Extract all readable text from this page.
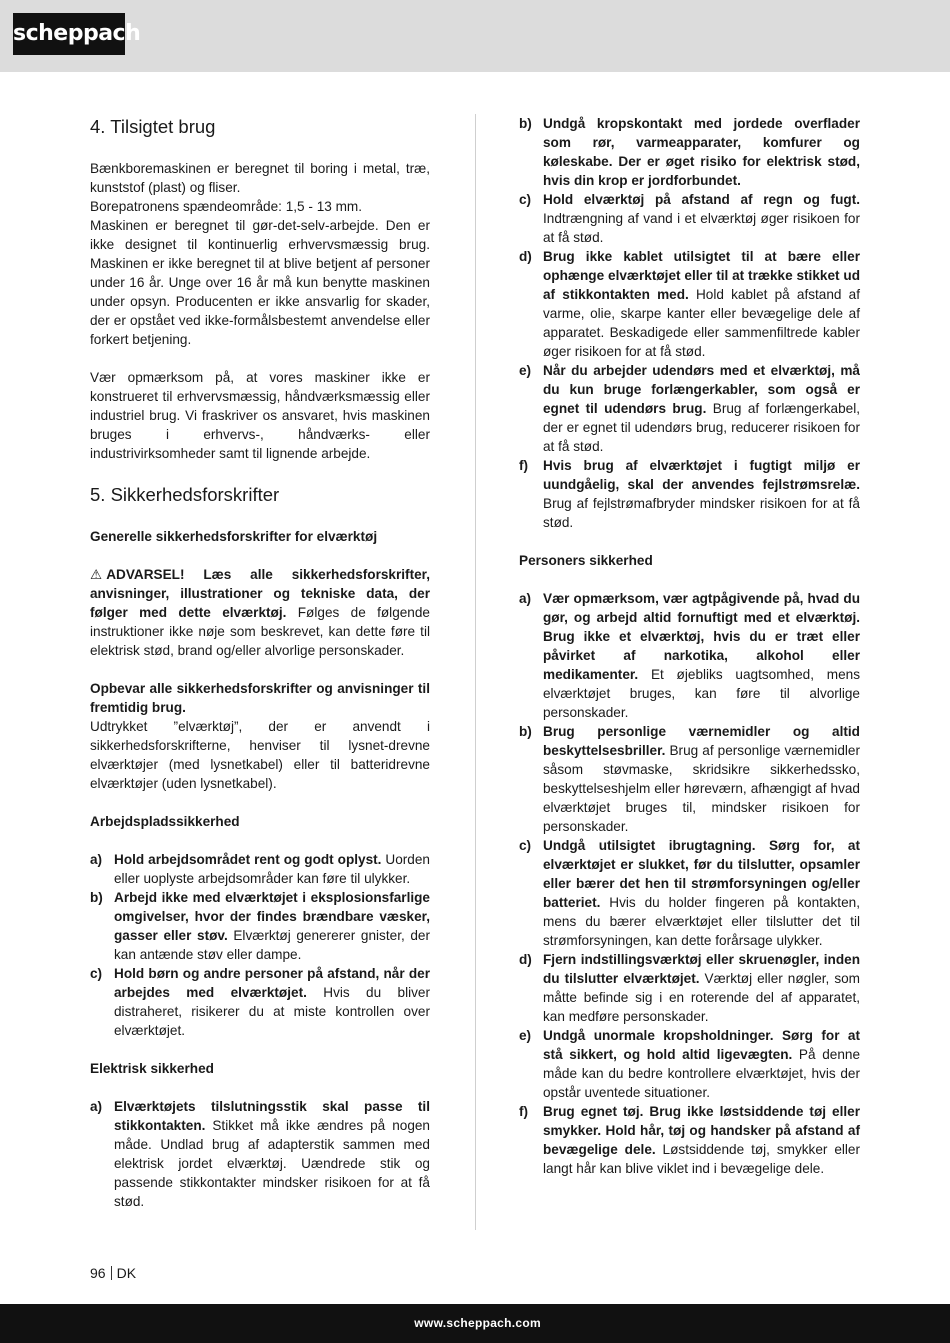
scheppach
4. Tilsigtet brug

Bænkboremaskinen er beregnet til boring i metal, træ, kunststof (plast) og fliser.

Borepatronens spændeområde: 1,5 - 13 mm.

Maskinen er beregnet til gør-det-selv-arbejde. Den er ikke designet til kontinuerlig erhvervsmæssig brug. Maskinen er ikke beregnet til at blive betjent af personer under 16 år. Unge over 16 år må kun benytte maskinen under opsyn. Producenten er ikke ansvarlig for skader, der er opstået ved ikke-formålsbestemt anvendelse eller forkert betjening.

Vær opmærksom på, at vores maskiner ikke er konstrueret til erhvervsmæssig, håndværksmæssig eller industriel brug. Vi fraskriver os ansvaret, hvis maskinen bruges i erhvervs-, håndværks- eller industrivirksomheder samt til lignende arbejde.

5. Sikkerhedsforskrifter
Generelle sikkerhedsforskrifter for elværktøj

⚠ ADVARSEL! Læs alle sikkerhedsforskrifter, anvisninger, illustrationer og tekniske data, der følger med dette elværktøj. Følges de følgende instruktioner ikke nøje som beskrevet, kan dette føre til elektrisk stød, brand og/eller alvorlige personskader.

Opbevar alle sikkerhedsforskrifter og anvisninger til fremtidig brug.
Udtrykket ”elværktøj”, der er anvendt i sikkerhedsforskrifterne, henviser til lysnet-drevne elværktøjer (med lysnetkabel) eller til batteridrevne elværktøjer (uden lysnetkabel).

Arbejdspladssikkerhed
a) Hold arbejdsområdet rent og godt oplyst. Uorden eller uoplyste arbejdsområder kan føre til ulykker.
b) Arbejd ikke med elværktøjet i eksplosionsfarlige omgivelser, hvor der findes brændbare væsker, gasser eller støv. Elværktøj genererer gnister, der kan antænde støv eller dampe.
c) Hold børn og andre personer på afstand, når der arbejdes med elværktøjet. Hvis du bliver distraheret, risikerer du at miste kontrollen over elværktøjet.
Elektrisk sikkerhed
a) Elværktøjets tilslutningsstik skal passe til stikkontakten. Stikket må ikke ændres på nogen måde. Undlad brug af adapterstik sammen med elektrisk jordet elværktøj. Uændrede stik og passende stikkontakter mindsker risikoen for at få stød.
b) Undgå kropskontakt med jordede overflader som rør, varmeapparater, komfurer og køleskabe. Der er øget risiko for elektrisk stød, hvis din krop er jordforbundet.
c) Hold elværktøj på afstand af regn og fugt. Indtrængning af vand i et elværktøj øger risikoen for at få stød.
d) Brug ikke kablet utilsigtet til at bære eller ophænge elværktøjet eller til at trække stikket ud af stikkontakten med. Hold kablet på afstand af varme, olie, skarpe kanter eller bevægelige dele af apparatet. Beskadigede eller sammenfiltrede kabler øger risikoen for at få stød.
e) Når du arbejder udendørs med et elværktøj, må du kun bruge forlængerkabler, som også er egnet til udendørs brug. Brug af forlængerkabel, der er egnet til udendørs brug, reducerer risikoen for at få stød.
f) Hvis brug af elværktøjet i fugtigt miljø er uundgåelig, skal der anvendes fejlstrømsrelæ. Brug af fejlstrømafbryder mindsker risikoen for at få stød.
Personers sikkerhed
a) Vær opmærksom, vær agtpågivende på, hvad du gør, og arbejd altid fornuftigt med et elværktøj. Brug ikke et elværktøj, hvis du er træt eller påvirket af narkotika, alkohol eller medikamenter. Et øjebliks uagtsomhed, mens elværktøjet bruges, kan føre til alvorlige personskader.
b) Brug personlige værnemidler og altid beskyttelsesbriller. Brug af personlige værnemidler såsom støvmaske, skridsikre sikkerhedssko, beskyttelseshjelm eller høreværn, afhængigt af hvad elværktøjet bruges til, mindsker risikoen for personskader.
c) Undgå utilsigtet ibrugtagning. Sørg for, at elværktøjet er slukket, før du tilslutter, opsamler eller bærer det hen til strømforsyningen og/eller batteriet. Hvis du holder fingeren på kontakten, mens du bærer elværktøjet eller tilslutter det til strømforsyningen, kan dette forårsage ulykker.
d) Fjern indstillingsværktøj eller skruenøgler, inden du tilslutter elværktøjet. Værktøj eller nøgler, som måtte befinde sig i en roterende del af apparatet, kan medføre personskader.
e) Undgå unormale kropsholdninger. Sørg for at stå sikkert, og hold altid ligevægten. På denne måde kan du bedre kontrollere elværktøjet, hvis der opstår uventede situationer.
f) Brug egnet tøj. Brug ikke løstsiddende tøj eller smykker. Hold hår, tøj og handsker på afstand af bevægelige dele. Løstsiddende tøj, smykker eller langt hår kan blive viklet ind i bevægelige dele.
96 DK
www.scheppach.com
